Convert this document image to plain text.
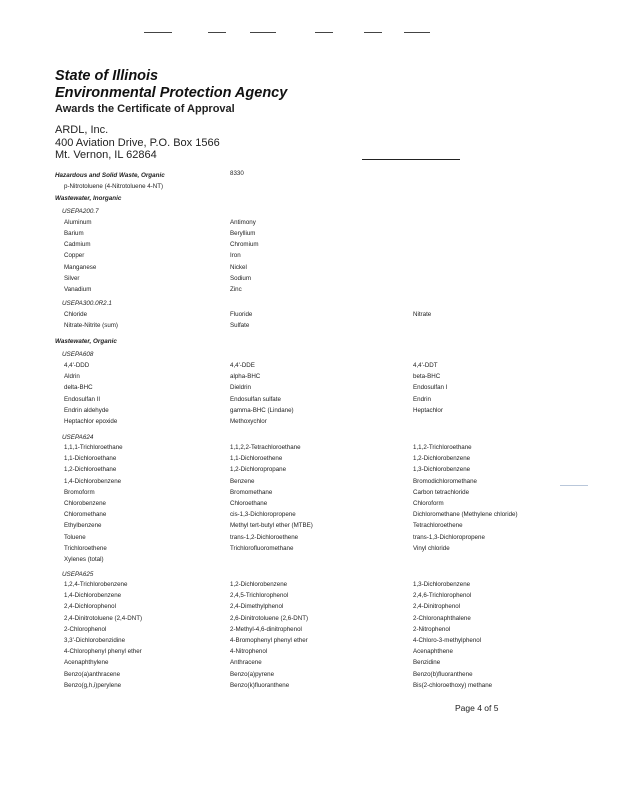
State of Illinois
Environmental Protection Agency
Awards the Certificate of Approval
ARDL, Inc.
400 Aviation Drive, P.O. Box 1566
Mt. Vernon, IL 62864
Hazardous and Solid Waste, Organic	8330
p-Nitrotoluene (4-Nitrotoluene 4-NT)
Wastewater, Inorganic
USEPA200.7
Aluminum	Antimony
Barium	Beryllium
Cadmium	Chromium
Copper	Iron
Manganese	Nickel
Silver	Sodium
Vanadium	Zinc
USEPA300.0R2.1
Chloride	Fluoride	Nitrate
Nitrate-Nitrite (sum)	Sulfate
Wastewater, Organic
USEPA608
4,4'-DDD	4,4'-DDE	4,4'-DDT
Aldrin	alpha-BHC	beta-BHC
delta-BHC	Dieldrin	Endosulfan I
Endosulfan II	Endosulfan sulfate	Endrin
Endrin aldehyde	gamma-BHC (Lindane)	Heptachlor
Heptachlor epoxide	Methoxychlor
USEPA624
1,1,1-Trichloroethane	1,1,2,2-Tetrachloroethane	1,1,2-Trichloroethane
1,1-Dichloroethane	1,1-Dichloroethene	1,2-Dichlorobenzene
1,2-Dichloroethane	1,2-Dichloropropane	1,3-Dichlorobenzene
1,4-Dichlorobenzene	Benzene	Bromodichloromethane
Bromoform	Bromomethane	Carbon tetrachloride
Chlorobenzene	Chloroethane	Chloroform
Chloromethane	cis-1,3-Dichloropropene	Dichloromethane (Methylene chloride)
Ethylbenzene	Methyl tert-butyl ether (MTBE)	Tetrachloroethene
Toluene	trans-1,2-Dichloroethene	trans-1,3-Dichloropropene
Trichloroethene	Trichlorofluoromethane	Vinyl chloride
Xylenes (total)
USEPA625
1,2,4-Trichlorobenzene	1,2-Dichlorobenzene	1,3-Dichlorobenzene
1,4-Dichlorobenzene	2,4,5-Trichlorophenol	2,4,6-Trichlorophenol
2,4-Dichlorophenol	2,4-Dimethylphenol	2,4-Dinitrophenol
2,4-Dinitrotoluene (2,4-DNT)	2,6-Dinitrotoluene (2,6-DNT)	2-Chloronaphthalene
2-Chlorophenol	2-Methyl-4,6-dinitrophenol	2-Nitrophenol
3,3'-Dichlorobenzidine	4-Bromophenyl phenyl ether	4-Chloro-3-methylphenol
4-Chlorophenyl phenyl ether	4-Nitrophenol	Acenaphthene
Acenaphthylene	Anthracene	Benzidine
Benzo(a)anthracene	Benzo(a)pyrene	Benzo(b)fluoranthene
Benzo(g,h,i)perylene	Benzo(k)fluoranthene	Bis(2-chloroethoxy) methane
Page 4 of 5
